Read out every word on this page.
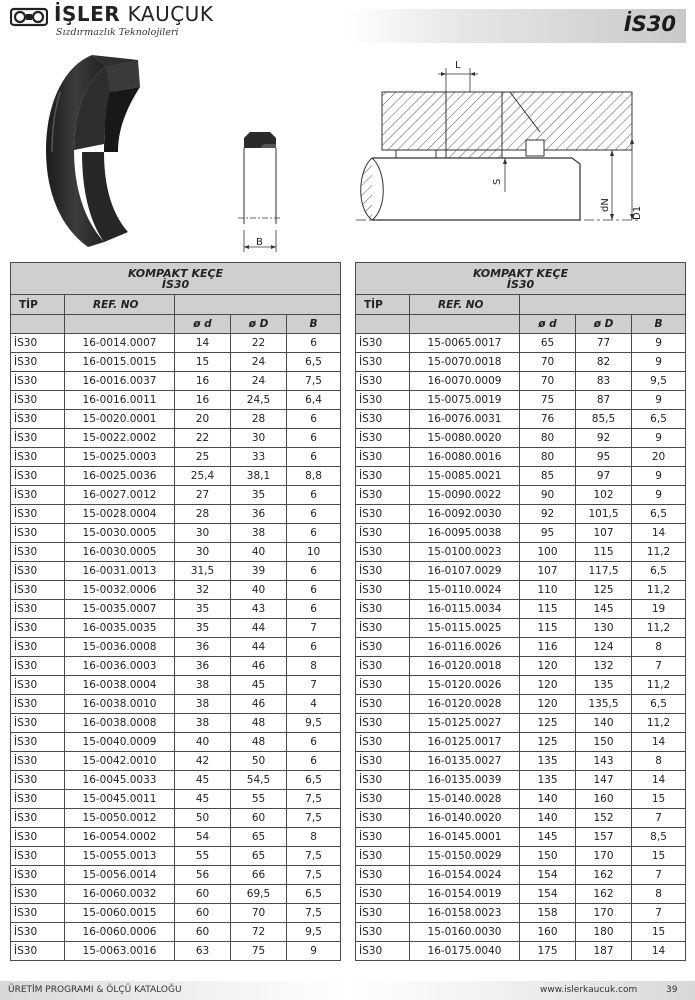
İŞLER KAUÇUK
Sızdırmazlık Teknolojileri	İS30
B
L
S
dN
D1
KOMPAKT KEÇE
İS30				
TİP	REF. NO			
		ø d	ø D	B
İS30	16-0014.0007	14	22	6
İS30	16-0015.0015	15	24	6,5
İS30	16-0016.0037	16	24	7,5
İS30	16-0016.0011	16	24,5	6,4
İS30	15-0020.0001	20	28	6
İS30	15-0022.0002	22	30	6
İS30	15-0025.0003	25	33	6
İS30	16-0025.0036	25,4	38,1	8,8
İS30	16-0027.0012	27	35	6
İS30	15-0028.0004	28	36	6
İS30	15-0030.0005	30	38	6
İS30	16-0030.0005	30	40	10
İS30	16-0031.0013	31,5	39	6
İS30	15-0032.0006	32	40	6
İS30	15-0035.0007	35	43	6
İS30	16-0035.0035	35	44	7
İS30	15-0036.0008	36	44	6
İS30	16-0036.0003	36	46	8
İS30	16-0038.0004	38	45	7
İS30	16-0038.0010	38	46	4
İS30	16-0038.0008	38	48	9,5
İS30	15-0040.0009	40	48	6
İS30	15-0042.0010	42	50	6
İS30	16-0045.0033	45	54,5	6,5
İS30	15-0045.0011	45	55	7,5
İS30	15-0050.0012	50	60	7,5
İS30	16-0054.0002	54	65	8
İS30	15-0055.0013	55	65	7,5
İS30	15-0056.0014	56	66	7,5
İS30	16-0060.0032	60	69,5	6,5
İS30	15-0060.0015	60	70	7,5
İS30	16-0060.0006	60	72	9,5
İS30	15-0063.0016	63	75	9
KOMPAKT KEÇE
İS30				
TİP	REF. NO			
		ø d	ø D	B
İS30	15-0065.0017	65	77	9
İS30	15-0070.0018	70	82	9
İS30	16-0070.0009	70	83	9,5
İS30	15-0075.0019	75	87	9
İS30	16-0076.0031	76	85,5	6,5
İS30	15-0080.0020	80	92	9
İS30	16-0080.0016	80	95	20
İS30	15-0085.0021	85	97	9
İS30	15-0090.0022	90	102	9
İS30	16-0092.0030	92	101,5	6,5
İS30	16-0095.0038	95	107	14
İS30	15-0100.0023	100	115	11,2
İS30	16-0107.0029	107	117,5	6,5
İS30	15-0110.0024	110	125	11,2
İS30	16-0115.0034	115	145	19
İS30	15-0115.0025	115	130	11,2
İS30	16-0116.0026	116	124	8
İS30	16-0120.0018	120	132	7
İS30	15-0120.0026	120	135	11,2
İS30	16-0120.0028	120	135,5	6,5
İS30	15-0125.0027	125	140	11,2
İS30	16-0125.0017	125	150	14
İS30	16-0135.0027	135	143	8
İS30	16-0135.0039	135	147	14
İS30	15-0140.0028	140	160	15
İS30	16-0140.0020	140	152	7
İS30	16-0145.0001	145	157	8,5
İS30	15-0150.0029	150	170	15
İS30	16-0154.0024	154	162	7
İS30	16-0154.0019	154	162	8
İS30	16-0158.0023	158	170	7
İS30	15-0160.0030	160	180	15
İS30	16-0175.0040	175	187	14
ÜRETİM PROGRAMI & ÖLÇÜ KATALOĞU	www.islerkaucuk.com	39
